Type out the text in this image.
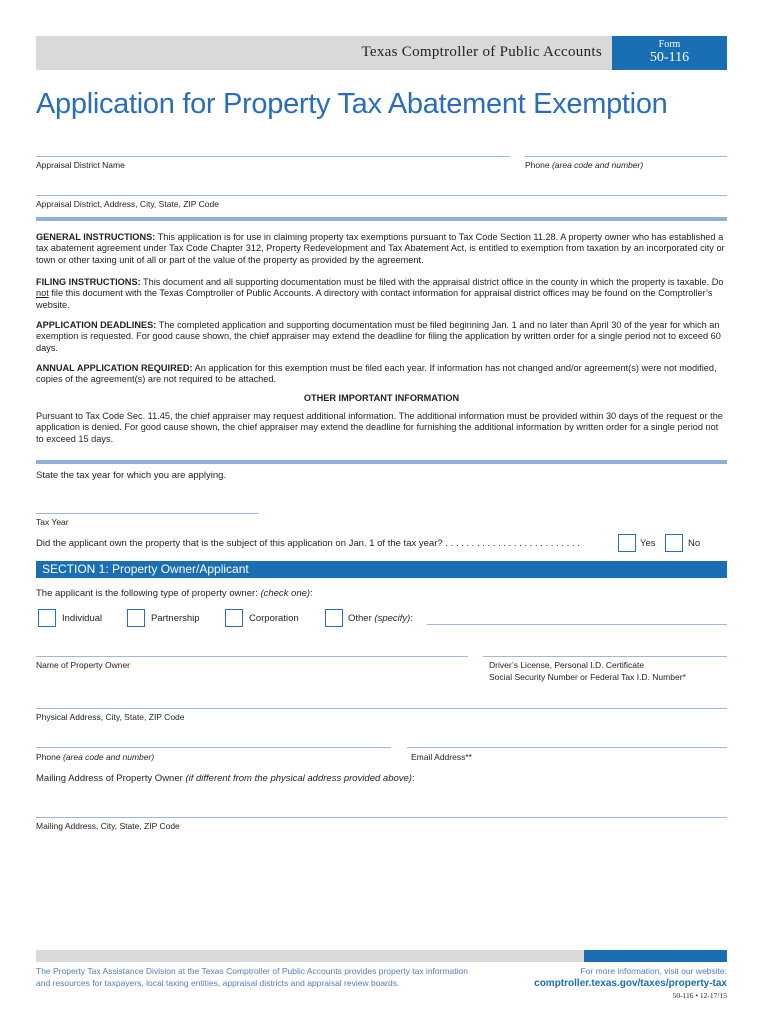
Texas Comptroller of Public Accounts	Form
50-116
Application for Property Tax Abatement Exemption
Appraisal District Name	Phone (area code and number)
Appraisal District, Address, City, State, ZIP Code
GENERAL INSTRUCTIONS: This application is for use in claiming property tax exemptions pursuant to Tax Code Section 11.28. A property owner who has established a tax abatement agreement under Tax Code Chapter 312, Property Redevelopment and Tax Abatement Act, is entitled to exemption from taxation by an incorporated city or town or other taxing unit of all or part of the value of the property as provided by the agreement.
FILING INSTRUCTIONS: This document and all supporting documentation must be filed with the appraisal district office in the county in which the property is taxable. Do not file this document with the Texas Comptroller of Public Accounts. A directory with contact information for appraisal district offices may be found on the Comptroller’s website.
APPLICATION DEADLINES: The completed application and supporting documentation must be filed beginning Jan. 1 and no later than April 30 of the year for which an exemption is requested. For good cause shown, the chief appraiser may extend the deadline for filing the application by written order for a single period not to exceed 60 days.
ANNUAL APPLICATION REQUIRED: An application for this exemption must be filed each year. If information has not changed and/or agreement(s) were not modified, copies of the agreement(s) are not required to be attached.
OTHER IMPORTANT INFORMATION
Pursuant to Tax Code Sec. 11.45, the chief appraiser may request additional information. The additional information must be provided within 30 days of the request or the application is denied. For good cause shown, the chief appraiser may extend the deadline for furnishing the additional information by written order for a single period not to exceed 15 days.
State the tax year for which you are applying.
Tax Year
Did the applicant own the property that is the subject of this application on Jan. 1 of the tax year? . . . . . . . . . . . . . . . . . . . . . . . . . .	Yes	No
SECTION 1: Property Owner/Applicant
The applicant is the following type of property owner: (check one):
Individual	Partnership	Corporation	Other (specify):
Name of Property Owner	Driver’s License, Personal I.D. Certificate
Social Security Number or Federal Tax I.D. Number*
Physical Address, City, State, ZIP Code
Phone (area code and number)	Email Address**
Mailing Address of Property Owner (if different from the physical address provided above):
Mailing Address, City, State, ZIP Code
The Property Tax Assistance Division at the Texas Comptroller of Public Accounts provides property tax information and resources for taxpayers, local taxing entities, appraisal districts and appraisal review boards.
For more information, visit our website:
comptroller.texas.gov/taxes/property-tax
50-116 • 12-17/15
